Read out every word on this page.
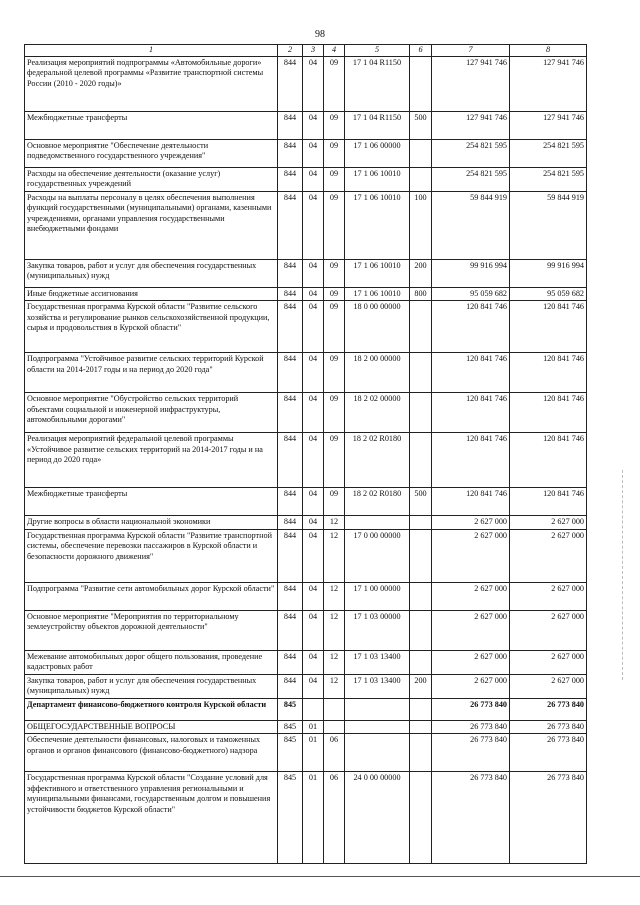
98
1	2	3	4	5	6	7	8
Реализация мероприятий подпрограммы «Автомобильные дороги» федеральной целевой программы «Развитие транспортной системы России (2010 - 2020 годы)»	844	04	09	17 1 04 R1150		127 941 746	127 941 746
Межбюджетные трансферты	844	04	09	17 1 04 R1150	500	127 941 746	127 941 746
Основное мероприятие "Обеспечение деятельности подведомственного государственного учреждения"	844	04	09	17 1 06 00000		254 821 595	254 821 595
Расходы на обеспечение деятельности (оказание услуг) государственных учреждений	844	04	09	17 1 06 10010		254 821 595	254 821 595
Расходы на выплаты персоналу в целях обеспечения выполнения функций государственными (муниципальными) органами, казенными учреждениями, органами управления государственными внебюджетными фондами	844	04	09	17 1 06 10010	100	59 844 919	59 844 919
Закупка товаров, работ и услуг для обеспечения государственных (муниципальных) нужд	844	04	09	17 1 06 10010	200	99 916 994	99 916 994
Иные бюджетные ассигнования	844	04	09	17 1 06 10010	800	95 059 682	95 059 682
Государственная программа Курской области "Развитие сельского хозяйства и регулирование рынков сельскохозяйственной продукции, сырья и продовольствия в Курской области"	844	04	09	18 0 00 00000		120 841 746	120 841 746
Подпрограмма "Устойчивое развитие сельских территорий Курской области на 2014-2017 годы и на период до 2020 года"	844	04	09	18 2 00 00000		120 841 746	120 841 746
Основное мероприятие "Обустройство сельских территорий объектами социальной и инженерной инфраструктуры, автомобильными дорогами"	844	04	09	18 2 02 00000		120 841 746	120 841 746
Реализация мероприятий федеральной целевой программы «Устойчивое развитие сельских территорий на 2014-2017 годы и на период до 2020 года»	844	04	09	18 2 02 R0180		120 841 746	120 841 746
Межбюджетные трансферты	844	04	09	18 2 02 R0180	500	120 841 746	120 841 746
Другие вопросы в области национальной экономики	844	04	12			2 627 000	2 627 000
Государственная программа Курской области "Развитие транспортной системы, обеспечение перевозки пассажиров в Курской области и безопасности дорожного движения"	844	04	12	17 0 00 00000		2 627 000	2 627 000
Подпрограмма "Развитие сети автомобильных дорог Курской области"	844	04	12	17 1 00 00000		2 627 000	2 627 000
Основное мероприятие "Мероприятия по территориальному землеустройству объектов дорожной деятельности"	844	04	12	17 1 03 00000		2 627 000	2 627 000
Межевание автомобильных дорог общего пользования, проведение кадастровых работ	844	04	12	17 1 03 13400		2 627 000	2 627 000
Закупка товаров, работ и услуг для обеспечения государственных (муниципальных) нужд	844	04	12	17 1 03 13400	200	2 627 000	2 627 000
Департамент финансово-бюджетного контроля Курской области	845					26 773 840	26 773 840
ОБЩЕГОСУДАРСТВЕННЫЕ ВОПРОСЫ	845	01				26 773 840	26 773 840
Обеспечение деятельности финансовых, налоговых и таможенных органов и органов финансового (финансово-бюджетного) надзора	845	01	06			26 773 840	26 773 840
Государственная программа Курской области "Создание условий для эффективного и ответственного управления региональными и муниципальными финансами, государственным долгом и повышения устойчивости бюджетов Курской области"	845	01	06	24 0 00 00000		26 773 840	26 773 840
